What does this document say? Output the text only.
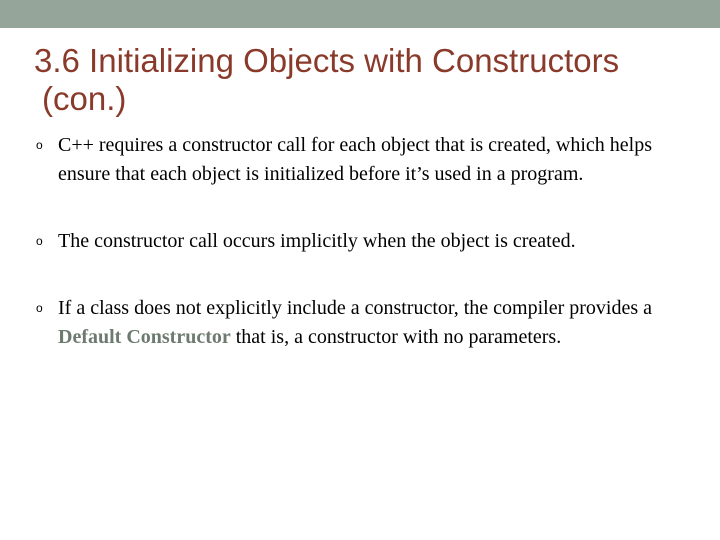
3.6 Initializing Objects with Constructors
(con.)
o C++ requires a constructor call for each object that is created, which helps ensure that each object is initialized before it’s used in a program.
o The constructor call occurs implicitly when the object is created.
o If a class does not explicitly include a constructor, the compiler provides a Default Constructor that is, a constructor with no parameters.
